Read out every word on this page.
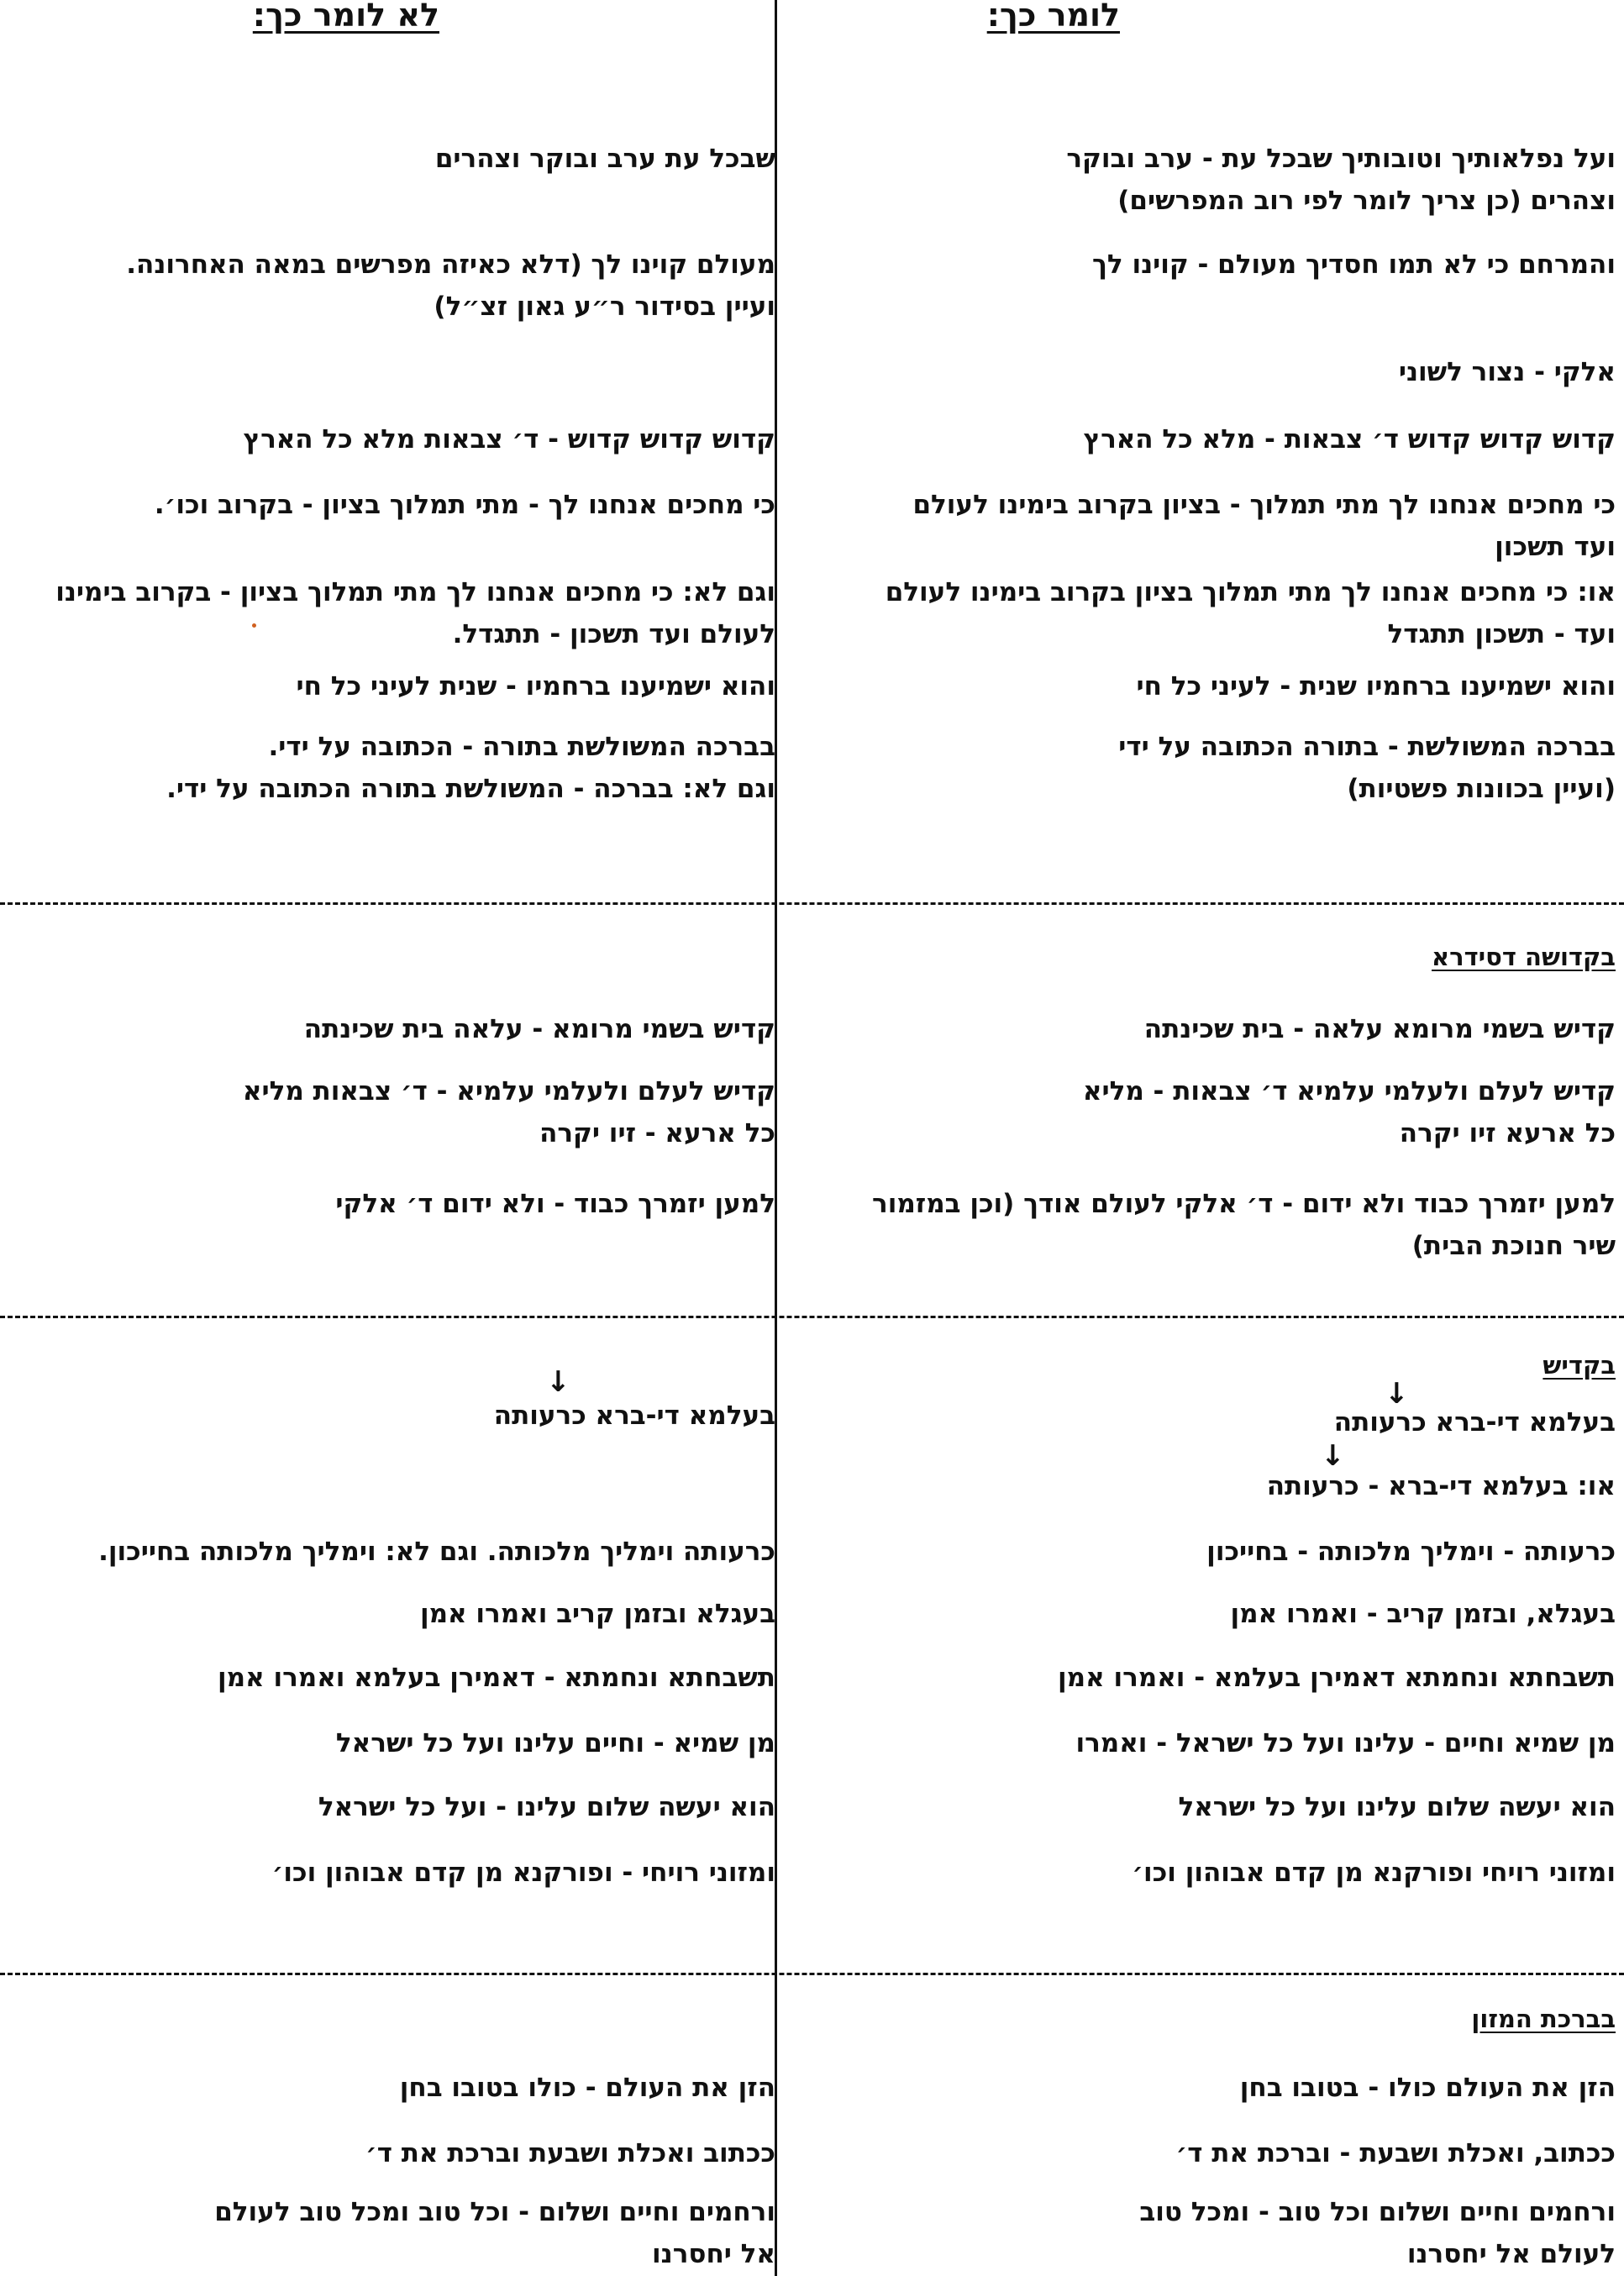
לומר כך:
לא לומר כך:
ועל נפלאותיך וטובותיך שבכל עת - ערב ובוקר
וצהרים (כן צריך לומר לפי רוב המפרשים)
שבכל עת ערב ובוקר וצהרים
והמרחם כי לא תמו חסדיך מעולם - קוינו לך
מעולם קוינו לך (דלא כאיזה מפרשים במאה האחרונה.
ועיין בסידור ר״ע גאון זצ״ל)
אלקי - נצור לשוני
קדוש קדוש קדוש ד׳ צבאות - מלא כל הארץ
קדוש קדוש קדוש - ד׳ צבאות מלא כל הארץ
כי מחכים אנחנו לך מתי תמלוך - בציון בקרוב בימינו לעולם
ועד תשכון
כי מחכים אנחנו לך - מתי תמלוך בציון - בקרוב וכו׳.
או: כי מחכים אנחנו לך מתי תמלוך בציון בקרוב בימינו לעולם
ועד - תשכון תתגדל
וגם לא: כי מחכים אנחנו לך מתי תמלוך בציון - בקרוב בימינו
לעולם ועד תשכון - תתגדל.
והוא ישמיענו ברחמיו שנית - לעיני כל חי
והוא ישמיענו ברחמיו - שנית לעיני כל חי
בברכה המשולשת - בתורה הכתובה על ידי
(ועיין בכוונות פשטיות)
בברכה המשולשת בתורה - הכתובה על ידי.
וגם לא: בברכה - המשולשת בתורה הכתובה על ידי.
בקדושה דסידרא
קדיש בשמי מרומא עלאה - בית שכינתה
קדיש בשמי מרומא - עלאה בית שכינתה
קדיש לעלם ולעלמי עלמיא ד׳ צבאות - מליא
כל ארעא זיו יקרה
קדיש לעלם ולעלמי עלמיא - ד׳ צבאות מליא
כל ארעא - זיו יקרה
למען יזמרך כבוד ולא ידום - ד׳ אלקי לעולם אודך (וכן במזמור
שיר חנוכת הבית)
למען יזמרך כבוד - ולא ידום ד׳ אלקי
בקדיש
↓
בעלמא די-ברא כרעותה
↓
בעלמא די-ברא כרעותה
↓
או: בעלמא די-ברא - כרעותה
כרעותה - וימליך מלכותה - בחייכון
כרעותה וימליך מלכותה. וגם לא: וימליך מלכותה בחייכון.
בעגלא, ובזמן קריב - ואמרו אמן
בעגלא ובזמן קריב ואמרו אמן
תשבחתא ונחמתא דאמירן בעלמא - ואמרו אמן
תשבחתא ונחמתא - דאמירן בעלמא ואמרו אמן
מן שמיא וחיים - עלינו ועל כל ישראל - ואמרו
מן שמיא - וחיים עלינו ועל כל ישראל
הוא יעשה שלום עלינו ועל כל ישראל
הוא יעשה שלום עלינו - ועל כל ישראל
ומזוני רויחי ופורקנא מן קדם אבוהון וכו׳
ומזוני רויחי - ופורקנא מן קדם אבוהון וכו׳
בברכת המזון
הזן את העולם כולו - בטובו בחן
הזן את העולם - כולו בטובו בחן
ככתוב, ואכלת ושבעת - וברכת את ד׳
ככתוב ואכלת ושבעת וברכת את ד׳
ורחמים וחיים ושלום וכל טוב - ומכל טוב
לעולם אל יחסרנו
ורחמים וחיים ושלום - וכל טוב ומכל טוב לעולם
אל יחסרנו
